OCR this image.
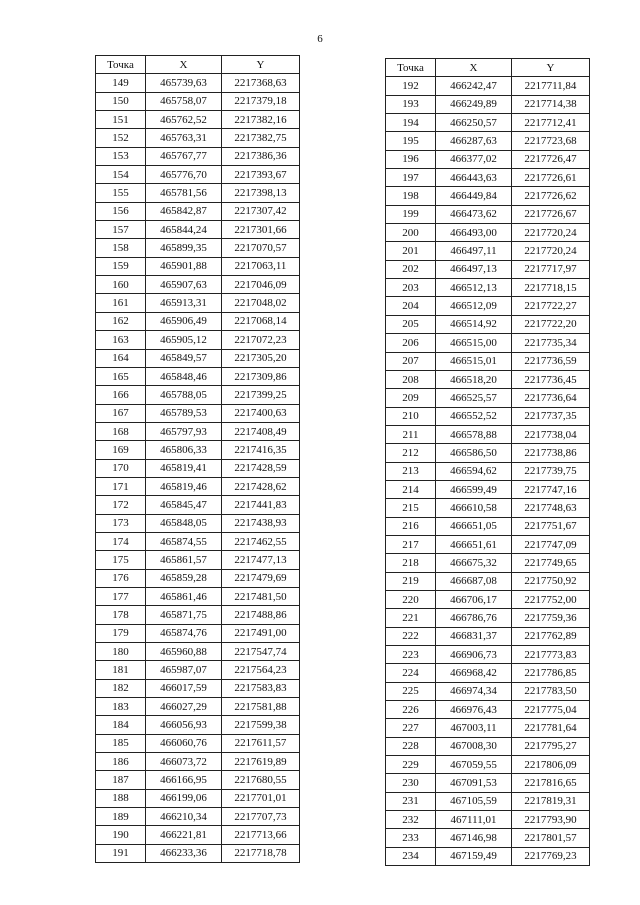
6
Точка	X	Y
149	465739,63	2217368,63
150	465758,07	2217379,18
151	465762,52	2217382,16
152	465763,31	2217382,75
153	465767,77	2217386,36
154	465776,70	2217393,67
155	465781,56	2217398,13
156	465842,87	2217307,42
157	465844,24	2217301,66
158	465899,35	2217070,57
159	465901,88	2217063,11
160	465907,63	2217046,09
161	465913,31	2217048,02
162	465906,49	2217068,14
163	465905,12	2217072,23
164	465849,57	2217305,20
165	465848,46	2217309,86
166	465788,05	2217399,25
167	465789,53	2217400,63
168	465797,93	2217408,49
169	465806,33	2217416,35
170	465819,41	2217428,59
171	465819,46	2217428,62
172	465845,47	2217441,83
173	465848,05	2217438,93
174	465874,55	2217462,55
175	465861,57	2217477,13
176	465859,28	2217479,69
177	465861,46	2217481,50
178	465871,75	2217488,86
179	465874,76	2217491,00
180	465960,88	2217547,74
181	465987,07	2217564,23
182	466017,59	2217583,83
183	466027,29	2217581,88
184	466056,93	2217599,38
185	466060,76	2217611,57
186	466073,72	2217619,89
187	466166,95	2217680,55
188	466199,06	2217701,01
189	466210,34	2217707,73
190	466221,81	2217713,66
191	466233,36	2217718,78
Точка	X	Y
192	466242,47	2217711,84
193	466249,89	2217714,38
194	466250,57	2217712,41
195	466287,63	2217723,68
196	466377,02	2217726,47
197	466443,63	2217726,61
198	466449,84	2217726,62
199	466473,62	2217726,67
200	466493,00	2217720,24
201	466497,11	2217720,24
202	466497,13	2217717,97
203	466512,13	2217718,15
204	466512,09	2217722,27
205	466514,92	2217722,20
206	466515,00	2217735,34
207	466515,01	2217736,59
208	466518,20	2217736,45
209	466525,57	2217736,64
210	466552,52	2217737,35
211	466578,88	2217738,04
212	466586,50	2217738,86
213	466594,62	2217739,75
214	466599,49	2217747,16
215	466610,58	2217748,63
216	466651,05	2217751,67
217	466651,61	2217747,09
218	466675,32	2217749,65
219	466687,08	2217750,92
220	466706,17	2217752,00
221	466786,76	2217759,36
222	466831,37	2217762,89
223	466906,73	2217773,83
224	466968,42	2217786,85
225	466974,34	2217783,50
226	466976,43	2217775,04
227	467003,11	2217781,64
228	467008,30	2217795,27
229	467059,55	2217806,09
230	467091,53	2217816,65
231	467105,59	2217819,31
232	467111,01	2217793,90
233	467146,98	2217801,57
234	467159,49	2217769,23
